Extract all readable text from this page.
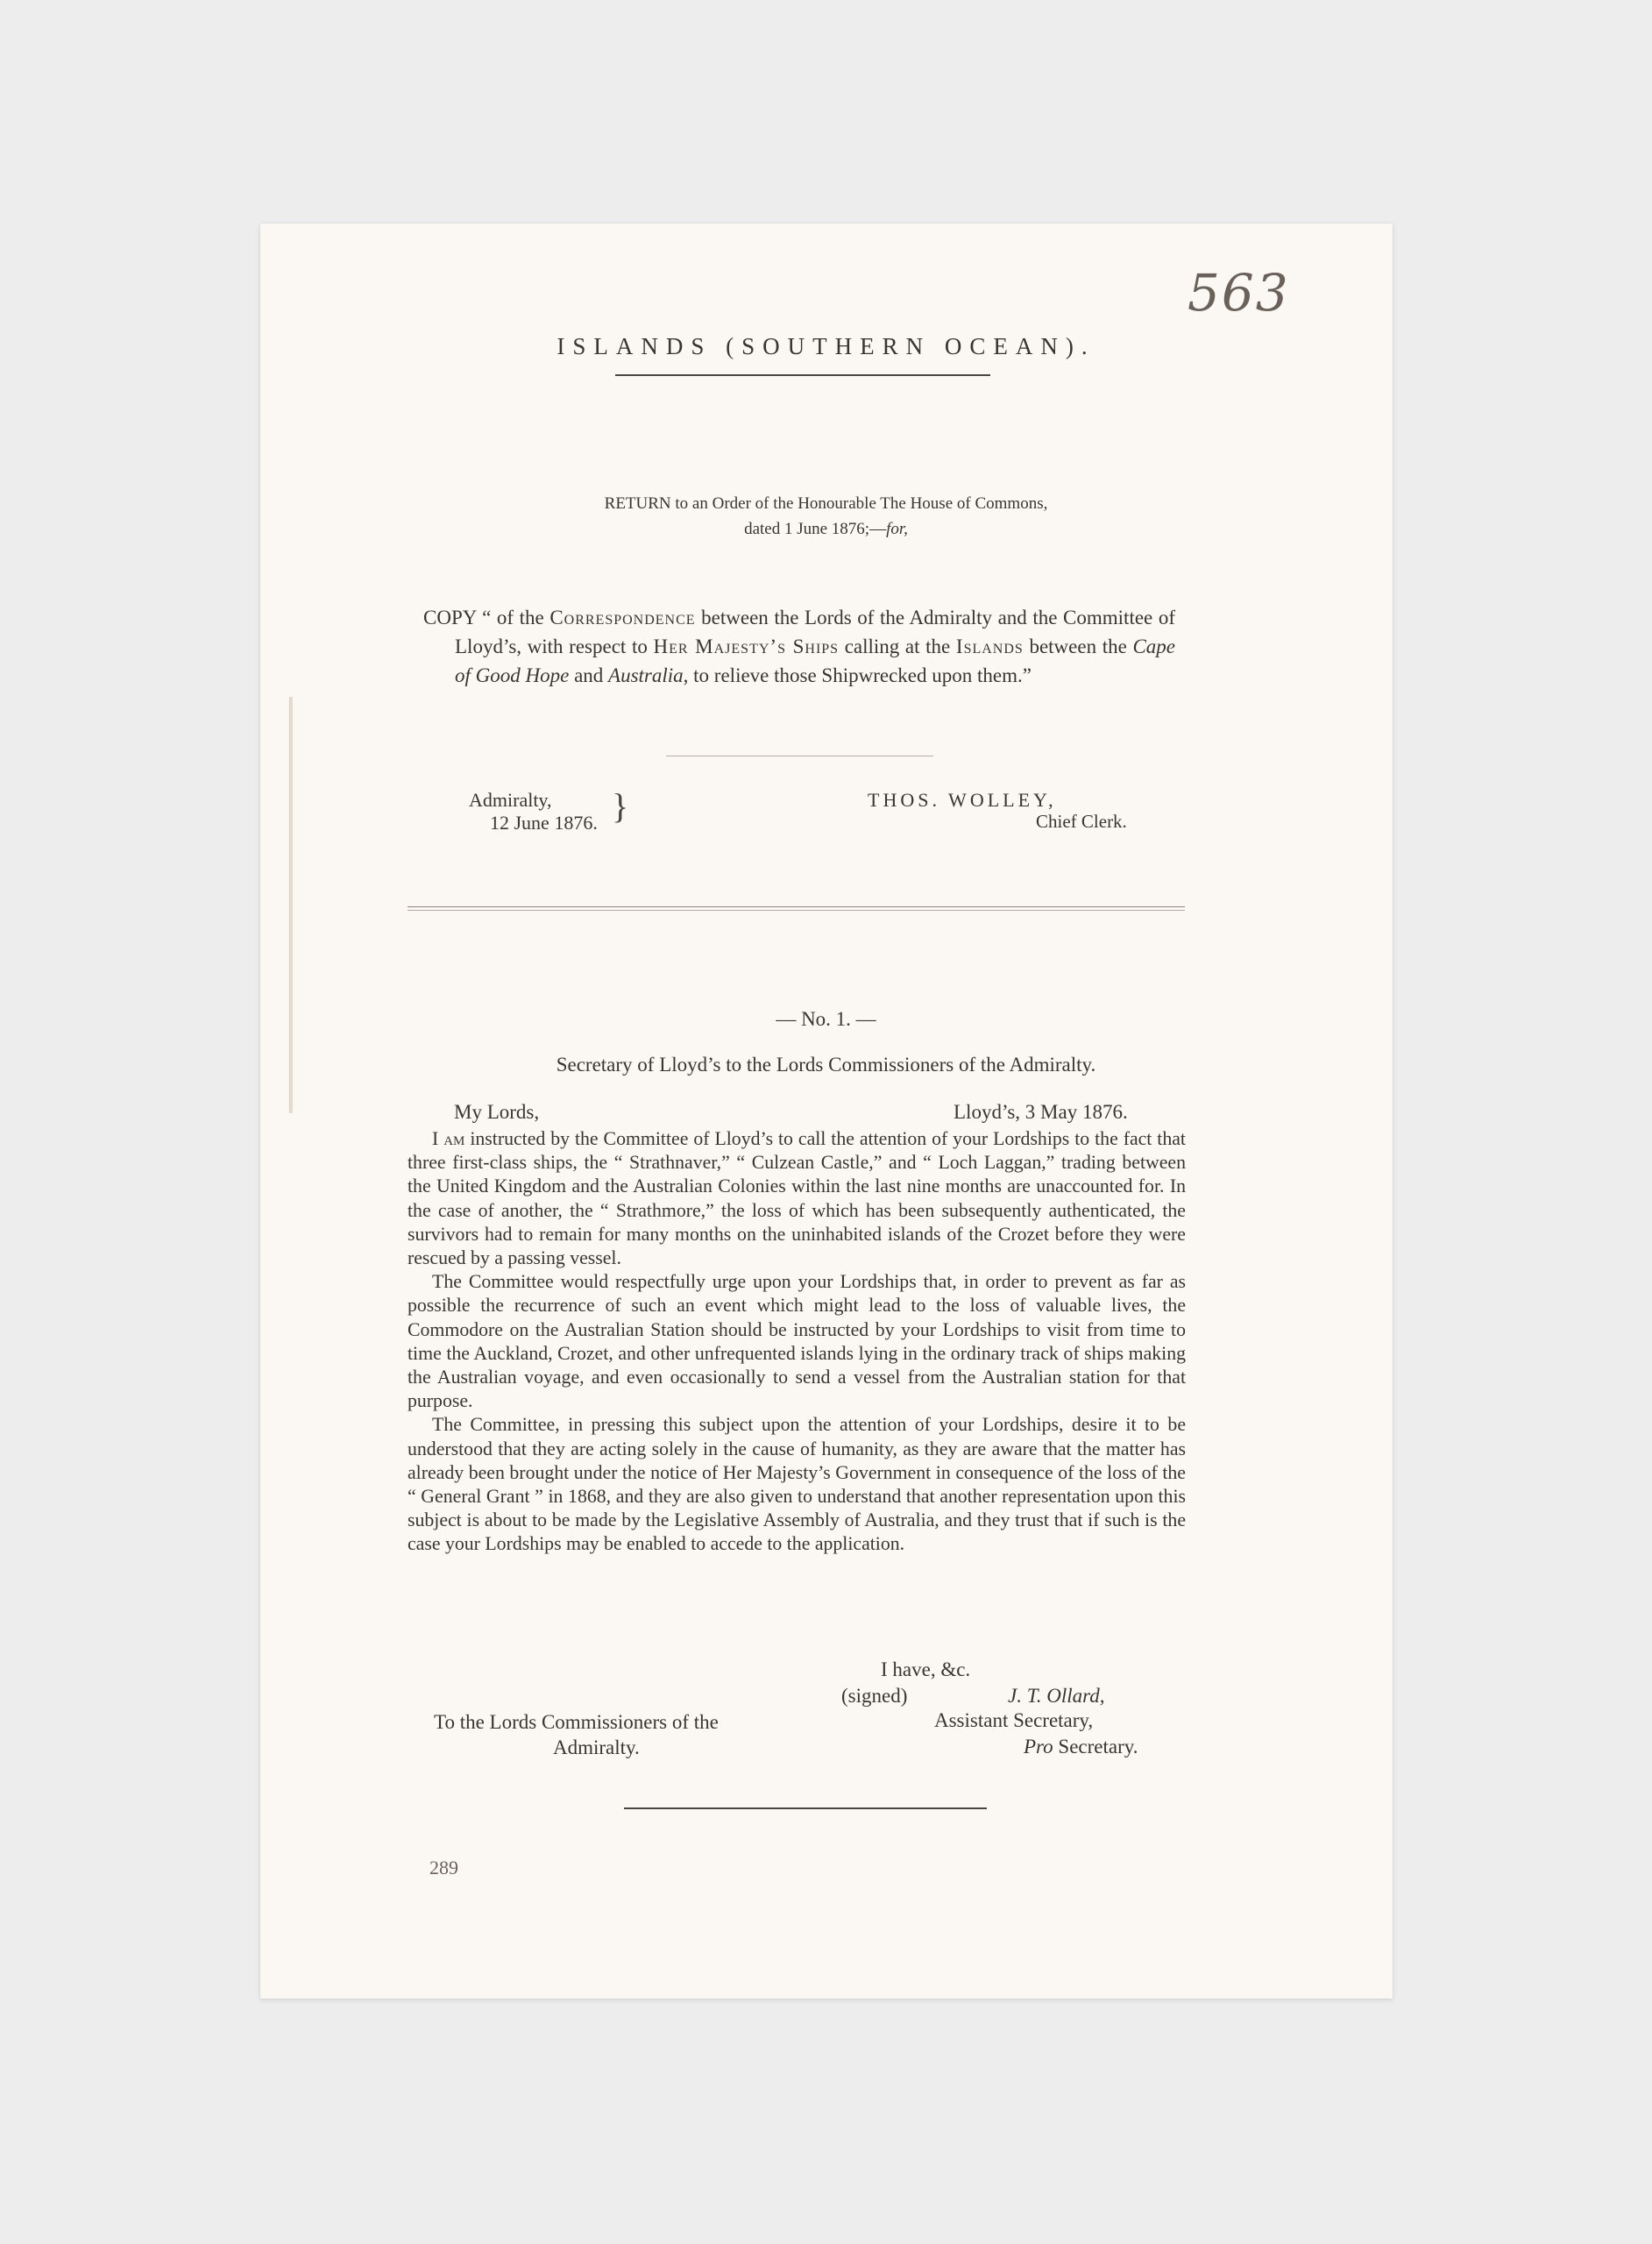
563

ISLANDS (SOUTHERN OCEAN).

RETURN to an Order of the Honourable The House of Commons,
dated 1 June 1876;—for,

COPY “ of the Correspondence between the Lords of the Admiralty and the Committee of Lloyd’s, with respect to Her Majesty’s Ships calling at the Islands between the Cape of Good Hope and Australia, to relieve those Shipwrecked upon them.”

Admiralty,
12 June 1876. }	THOS. WOLLEY,

Chief Clerk.

— No. 1. —

Secretary of Lloyd’s to the Lords Commissioners of the Admiralty.

My Lords,	Lloyd’s, 3 May 1876.

I am instructed by the Committee of Lloyd’s to call the attention of your Lordships to the fact that three first-class ships, the “ Strathnaver,” “ Culzean Castle,” and “ Loch Laggan,” trading between the United Kingdom and the Australian Colonies within the last nine months are unaccounted for. In the case of another, the “ Strathmore,” the loss of which has been subsequently authenticated, the survivors had to remain for many months on the uninhabited islands of the Crozet before they were rescued by a passing vessel.

The Committee would respectfully urge upon your Lordships that, in order to prevent as far as possible the recurrence of such an event which might lead to the loss of valuable lives, the Commodore on the Australian Station should be instructed by your Lordships to visit from time to time the Auckland, Crozet, and other unfrequented islands lying in the ordinary track of ships making the Australian voyage, and even occasionally to send a vessel from the Australian station for that purpose.

The Committee, in pressing this subject upon the attention of your Lordships, desire it to be understood that they are acting solely in the cause of humanity, as they are aware that the matter has already been brought under the notice of Her Majesty’s Government in consequence of the loss of the “ General Grant ” in 1868, and they are also given to understand that another representation upon this subject is about to be made by the Legislative Assembly of Australia, and they trust that if such is the case your Lordships may be enabled to accede to the application.

I have, &c.

(signed)	J. T. Ollard,

Assistant Secretary,

Pro Secretary.

To the Lords Commissioners of the
Admiralty.

289
